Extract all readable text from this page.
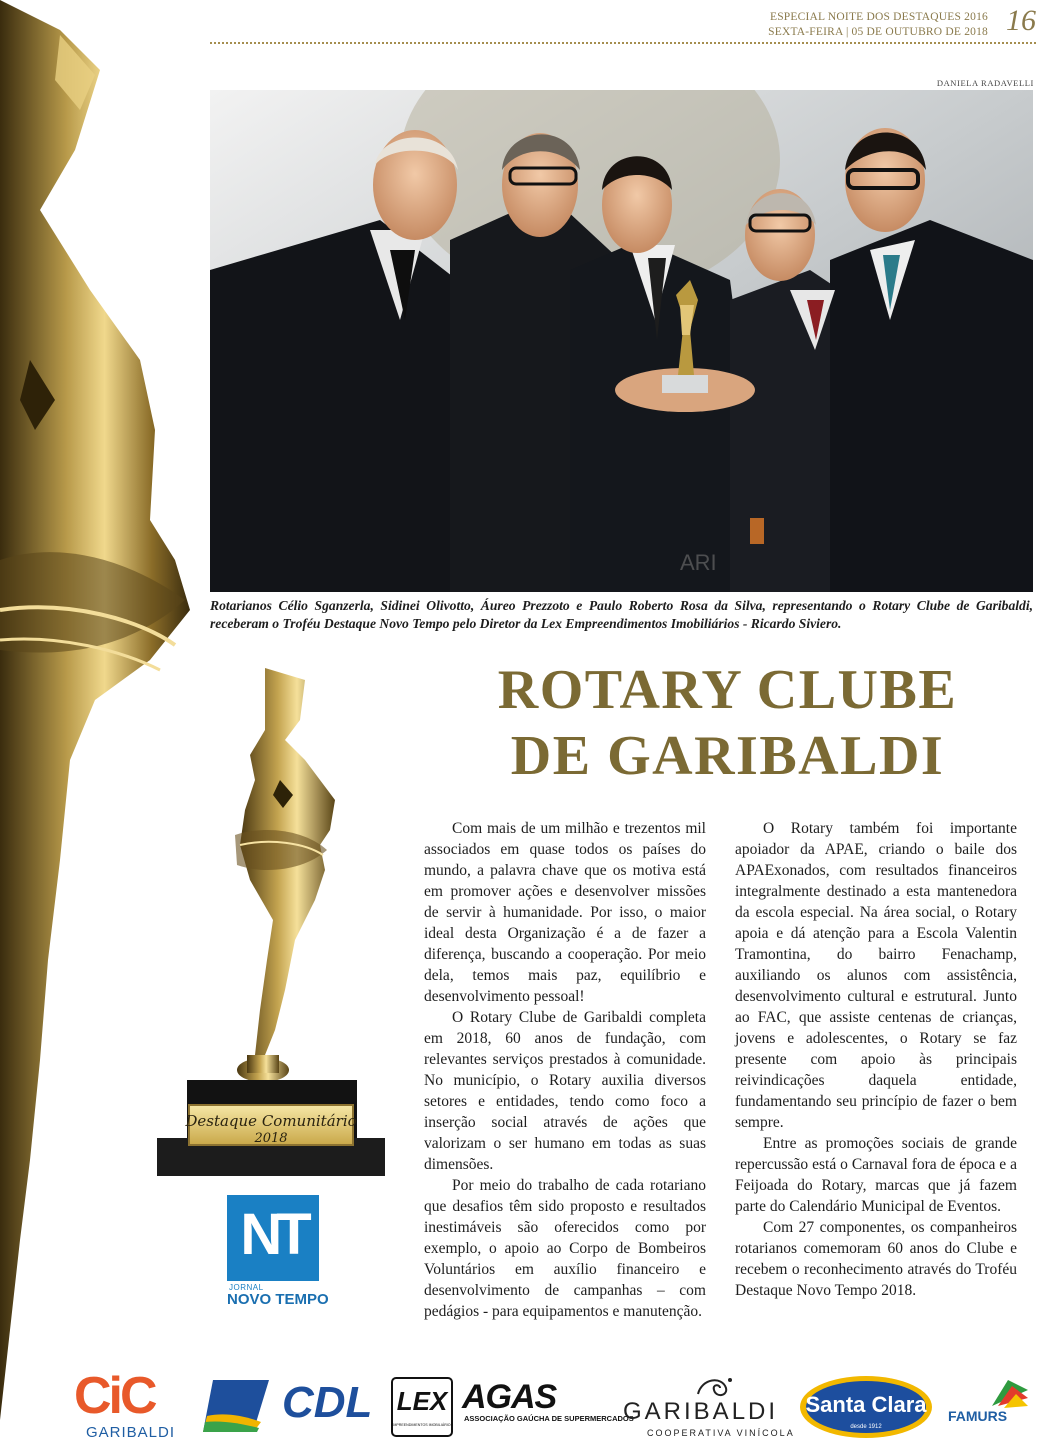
ESPECIAL NOITE DOS DESTAQUES 2016
SEXTA-FEIRA | 05 DE OUTUBRO DE 2018 16
DANIELA RADAVELLI
ARI
Rotarianos Célio Sganzerla, Sidinei Olivotto, Áureo Prezzoto e Paulo Roberto Rosa da Silva, representando o Rotary Clube de Garibaldi, receberam o Troféu Destaque Novo Tempo pelo Diretor da Lex Empreendimentos Imobiliários - Ricardo Siviero.
ROTARY CLUBE
DE GARIBALDI
Destaque Comunitário
2018
NT
JORNAL
NOVO TEMPO

Com mais de um milhão e trezentos mil associados em quase todos os países do mundo, a palavra chave que os motiva está em promover ações e desenvolver missões de servir à humanidade. Por isso, o maior ideal desta Organização é a de fazer a diferença, buscando a cooperação. Por meio dela, temos mais paz, equilíbrio e desenvolvimento pessoal!

O Rotary Clube de Garibaldi completa em 2018, 60 anos de fundação, com relevantes serviços prestados à comunidade. No município, o Rotary auxilia diversos setores e entidades, tendo como foco a inserção social através de ações que valorizam o ser humano em todas as suas dimensões.

Por meio do trabalho de cada rotariano que desafios têm sido proposto e resultados inestimáveis são oferecidos como por exemplo, o apoio ao Corpo de Bombeiros Voluntários em auxílio financeiro e desenvolvimento de campanhas – com pedágios - para equipamentos e manutenção.

O Rotary também foi importante apoiador da APAE, criando o baile dos APAExonados, com resultados financeiros integralmente destinado a esta mantenedora da escola especial. Na área social, o Rotary apoia e dá atenção para a Escola Valentin Tramontina, do bairro Fenachamp, auxiliando os alunos com assistência, desenvolvimento cultural e estrutural. Junto ao FAC, que assiste centenas de crianças, jovens e adolescentes, o Rotary se faz presente com apoio às principais reivindicações daquela entidade, fundamentando seu princípio de fazer o bem sempre.

Entre as promoções sociais de grande repercussão está o Carnaval fora de época e a Feijoada do Rotary, marcas que já fazem parte do Calendário Municipal de Eventos.

Com 27 componentes, os companheiros rotarianos comemoram 60 anos do Clube e recebem o reconhecimento através do Troféu Destaque Novo Tempo 2018.

CiC
GARIBALDI
CDL LEX
EMPREENDIMENTOS IMOBILIÁRIOS
AGAS
ASSOCIAÇÃO GAÚCHA DE SUPERMERCADOS
GARIBALDI
COOPERATIVA VINÍCOLA
Santa Clara
desde 1912
FAMURS
